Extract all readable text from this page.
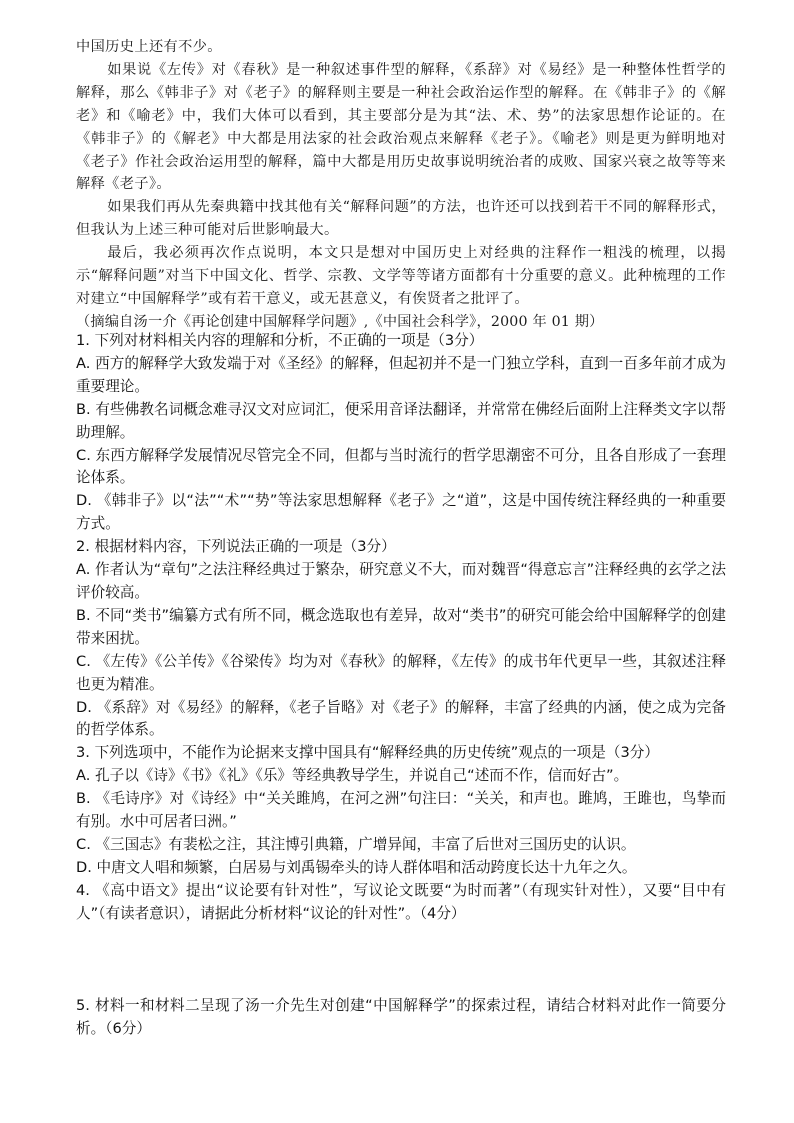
中国历史上还有不少。

如果说《左传》对《春秋》是一种叙述事件型的解释，《系辞》对《易经》是一种整体性哲学的解释，那么《韩非子》对《老子》的解释则主要是一种社会政治运作型的解释。在《韩非子》的《解老》和《喻老》中，我们大体可以看到，其主要部分是为其“法、术、势”的法家思想作论证的。在《韩非子》的《解老》中大都是用法家的社会政治观点来解释《老子》。《喻老》则是更为鲜明地对《老子》作社会政治运用型的解释，篇中大都是用历史故事说明统治者的成败、国家兴衰之故等等来解释《老子》。

如果我们再从先秦典籍中找其他有关“解释问题”的方法，也许还可以找到若干不同的解释形式，但我认为上述三种可能对后世影响最大。

最后，我必须再次作点说明，本文只是想对中国历史上对经典的注释作一粗浅的梳理，以揭示“解释问题”对当下中国文化、哲学、宗教、文学等等诸方面都有十分重要的意义。此种梳理的工作对建立“中国解释学”或有若干意义，或无甚意义，有俟贤者之批评了。

（摘编自汤一介《再论创建中国解释学问题》,《中国社会科学》，2000 年 01 期）

1. 下列对材料相关内容的理解和分析，不正确的一项是（3分）

A. 西方的解释学大致发端于对《圣经》的解释，但起初并不是一门独立学科，直到一百多年前才成为重要理论。

B. 有些佛教名词概念难寻汉文对应词汇，便采用音译法翻译，并常常在佛经后面附上注释类文字以帮助理解。

C. 东西方解释学发展情况尽管完全不同，但都与当时流行的哲学思潮密不可分，且各自形成了一套理论体系。

D. 《韩非子》以“法”“术”“势”等法家思想解释《老子》之“道”，这是中国传统注释经典的一种重要方式。

2. 根据材料内容，下列说法正确的一项是（3分）

A. 作者认为“章句”之法注释经典过于繁杂，研究意义不大，而对魏晋“得意忘言”注释经典的玄学之法评价较高。

B. 不同“类书”编纂方式有所不同，概念选取也有差异，故对“类书”的研究可能会给中国解释学的创建带来困扰。

C. 《左传》《公羊传》《谷梁传》均为对《春秋》的解释，《左传》的成书年代更早一些，其叙述注释也更为精准。

D. 《系辞》对《易经》的解释，《老子旨略》对《老子》的解释，丰富了经典的内涵，使之成为完备的哲学体系。

3. 下列选项中，不能作为论据来支撑中国具有“解释经典的历史传统”观点的一项是（3分）

A. 孔子以《诗》《书》《礼》《乐》等经典教导学生，并说自己“述而不作，信而好古”。

B. 《毛诗序》对《诗经》中“关关雎鸠，在河之洲”句注曰：“关关，和声也。雎鸠，王雎也，鸟挚而有别。水中可居者曰洲。”

C. 《三国志》有裴松之注，其注博引典籍，广增异闻，丰富了后世对三国历史的认识。

D. 中唐文人唱和频繁，白居易与刘禹锡牵头的诗人群体唱和活动跨度长达十九年之久。

4. 《高中语文》提出“议论要有针对性”，写议论文既要“为时而著”（有现实针对性），又要“目中有人”（有读者意识），请据此分析材料“议论的针对性”。（4分）

5. 材料一和材料二呈现了汤一介先生对创建“中国解释学”的探索过程，请结合材料对此作一简要分析。（6分）
